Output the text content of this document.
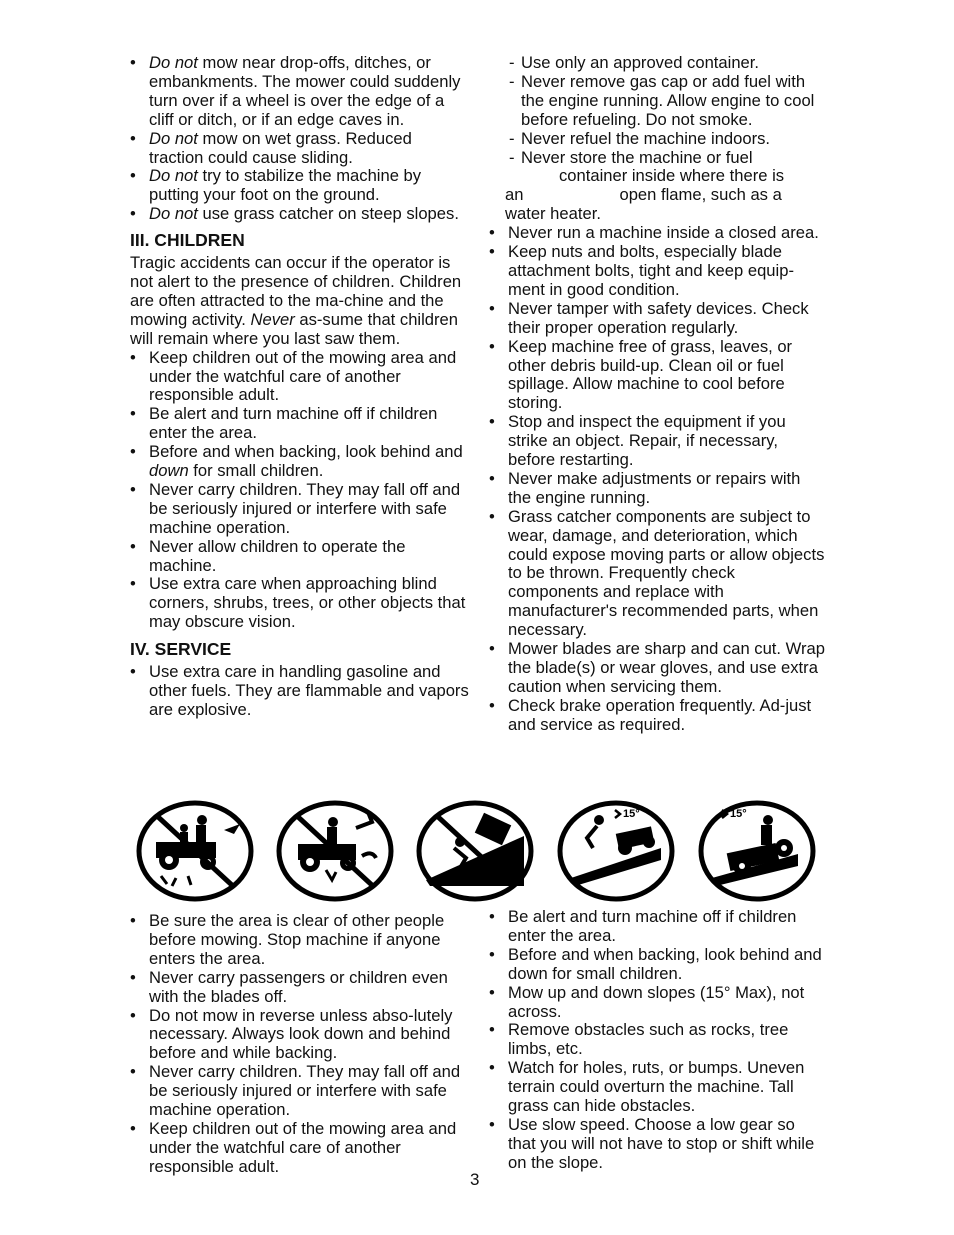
• Do not mow near drop-offs, ditches, or embankments. The mower could suddenly turn over if a wheel is over the edge of a cliff or ditch, or if an edge caves in.

• Do not mow on wet grass. Reduced traction could cause sliding.

• Do not try to stabilize the machine by putting your foot on the ground.

• Do not use grass catcher on steep slopes.

III. CHILDREN

Tragic accidents can occur if the operator is not alert to the presence of children. Children are often attracted to the ma-chine and the mowing activity. Never as-sume that children will remain where you last saw them.

• Keep children out of the mowing area and under the watchful care of another responsible adult.

• Be alert and turn machine off if children enter the area.

• Before and when backing, look behind and down for small children.

• Never carry children. They may fall off and be seriously injured or interfere with safe machine operation.

• Never allow children to operate the machine.

• Use extra care when approaching blind corners, shrubs, trees, or other objects that may obscure vision.

IV. SERVICE

• Use extra care in handling gasoline and other fuels. They are flammable and vapors are explosive.

- Use only an approved container.

- Never remove gas cap or add fuel with the engine running. Allow engine to cool before refueling. Do not smoke.

- Never refuel the machine indoors.

- Never store the machine or fuel
container inside where there is
an	open flame, such as a
water heater.

• Never run a machine inside a closed area.

• Keep nuts and bolts, especially blade attachment bolts, tight and keep equip-ment in good condition.

• Never tamper with safety devices. Check their proper operation regularly.

• Keep machine free of grass, leaves, or other debris build-up. Clean oil or fuel spillage. Allow machine to cool before storing.

• Stop and inspect the equipment if you strike an object. Repair, if necessary, before restarting.

• Never make adjustments or repairs with the engine running.

• Grass catcher components are subject to wear, damage, and deterioration, which could expose moving parts or allow objects to be thrown. Frequently check components and replace with manufacturer's recommended parts, when necessary.

• Mower blades are sharp and can cut. Wrap the blade(s) or wear gloves, and use extra caution when servicing them.

• Check brake operation frequently. Ad-just and service as required.

15°	15°

• Be sure the area is clear of other people before mowing. Stop machine if anyone enters the area.

• Never carry passengers or children even with the blades off.

• Do not mow in reverse unless abso-lutely necessary. Always look down and behind before and while backing.

• Never carry children. They may fall off and be seriously injured or interfere with safe machine operation.

• Keep children out of the mowing area and under the watchful care of another responsible adult.

• Be alert and turn machine off if children enter the area.

• Before and when backing, look behind and down for small children.

• Mow up and down slopes (15° Max), not across.

• Remove obstacles such as rocks, tree limbs, etc.

• Watch for holes, ruts, or bumps. Uneven terrain could overturn the machine. Tall grass can hide obstacles.

• Use slow speed. Choose a low gear so that you will not have to stop or shift while on the slope.

3
